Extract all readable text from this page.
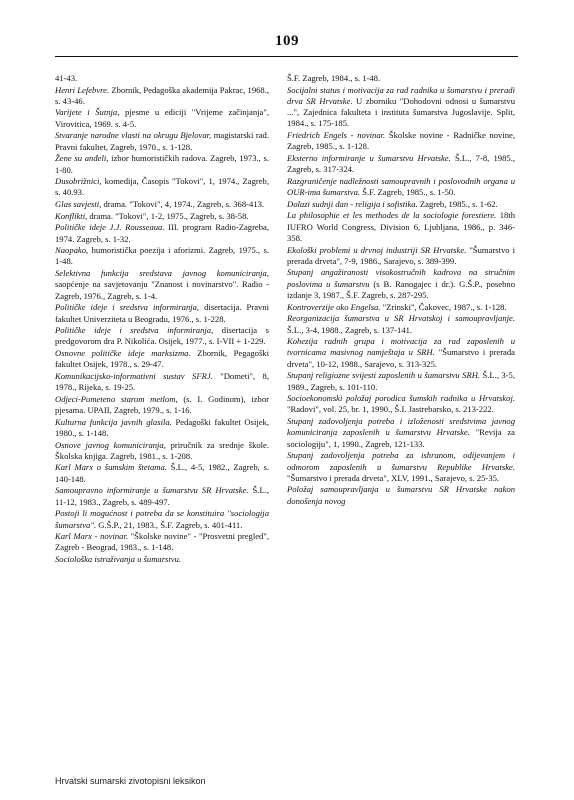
109
41-43.
Henri Lefebvre. Zbornik, Pedagoška akademija Pakrac, 1968., s. 43-46.
Varijete i Šutnja, pjesme u ediciji "Vrijeme začinjanja", Virovitica, 1969. s. 4-5.
Stvaranje narodne vlasti na okrugu Bjelovar, magistarski rad. Pravni fakultet, Zagreb, 1970., s. 1-128.
Žene su anđeli, izbor humorističkih radova. Zagreb, 1973., s. 1-80.
Dusobrižnici, komedija, Časopis "Tokovi", 1, 1974., Zagreb, s. 40.93.
Glas savjesti, drama. "Tokovi", 4, 1974., Zagreb, s. 368-413.
Konflikti, drama. "Tokovi", 1-2, 1975., Zagreb, s. 38-58.
Političke ideje J.J. Rousseaua. III. program Radio-Zagreba, 1974. Zagreb, s. 1-32.
Naopako, humoristička poezija i aforizmi. Zagreb, 1975., s. 1-48.
Selektivna funkcija sredstava javnog komuniciranja, saopćenje na savjetovanju "Znanost i novinarstvo". Radio - Zagreb, 1976., Zagreb, s. 1-4.
Političke ideje i sredstva informiranja, disertacija. Pravni fakultet Univerziteta u Beogradu, 1976., s. 1-228.
Političke ideje i sredstva informiranja, disertacija s predgovorom dra P. Nikolića. Osijek, 1977., s. I-VII + 1-229.
Osnovne političke ideje marksizma. Zbornik, Pegagoški fakultet Osijek, 1978., s. 29-47.
Komunikacijsko-informativni sustav SFRJ. "Dometi", 8, 1978., Rijeka, s. 19-25.
Odjeci-Pometeno starom metlom, (s. I. Godinom), izbor pjesama. UPAII, Zagreb, 1979., s. 1-16.
Kulturna funkcija javnih glasila. Pedagoški fakultet Osijek, 1980., s. 1-148.
Osnove javnog komuniciranja, priručnik za srednje škole. Školska knjiga. Zagreb, 1981., s. 1-208.
Karl Marx o šumskim štetama. Š.L., 4-5, 1982., Zagreb, s. 140-148.
Samoupravno informiranje u šumarstvu SR Hrvatske. Š.L., 11-12, 1983., Zagreb, s. 489-497.
Postoji li mogućnost i potreba da se konstituira "sociologija šumarstva". G.Š.P., 21, 1983., Š.F. Zagreb, s. 401-411.
Karl Marx - novinar. "Školske novine" - "Prosvetni pregled", Zagreb - Beograd, 1983., s. 1-148.
Sociološka istraživanja u šumarstvu.
Š.F. Zagreb, 1984., s. 1-48.
Socijalni status i motivacija za rad radnika u šumarstvu i preradi drva SR Hrvatske. U zborniku "Dohodovni odnosi u šumarstvu ...", Zajednica fakulteta i instituta šumarstva Jugoslavije. Split, 1984., s. 175-185.
Friedrich Engels - novinar. Školske novine - Radničke novine, Zagreb, 1985., s. 1-128.
Eksterno informiranje u šumarstvu Hrvatske. Š.L., 7-8, 1985., Zagreb, s. 317-324.
Razgraničenje nadležnosti samoupravnih i poslovodnih organa u OUR-ima šumarstva. Š.F. Zagreb, 1985., s. 1-50.
Dolazi sudnji dan - religija i sofistika. Zagreb, 1985., s. 1-62.
La philosophie et les methodes de la sociologie forestiere. 18th IUFRO World Congress, Division 6, Ljubljana, 1986., p. 346-358.
Ekološki problemi u drvnoj industriji SR Hrvatske. "Šumarstvo i prerada drveta", 7-9, 1986., Sarajevo, s. 389-399.
Stupanj angažiranosti visokostručnih kadrova na stručnim poslovima u šumarstvu (s B. Ranogajec i dr.). G.Š.P., posebno izdanje 3, 1987., Š.F. Zagreb, s. 287-295.
Kontroverzije oko Engelsa. "Zrinski", Čakovec, 1987., s. 1-128.
Reorganizacija šumarstva u SR Hrvatskoj i samoupravljanje. Š.L., 3-4, 1988., Zagreb, s. 137-141.
Kohezija radnih grupa i motivacija za rad zaposlenih u tvornicama masivnog namještaja u SRH. "Šumarstvo i prerada drveta", 10-12, 1988., Sarajevo, s. 313-325.
Stupanj religiozne svijesti zaposlenih u šumarstvu SRH. Š.L., 3-5, 1989., Zagreb, s. 101-110.
Socioekonomski položaj porodica šumskih radnika u Hrvatskoj. "Radovi", vol. 25, br. 1, 1990., Š.I. Jastrebarsko, s. 213-222.
Stupanj zadovoljenja potreba i izloženosti sredstvima javnog komuniciranja zaposlenih u šumarstvu Hrvatske. "Revija za sociologiju", 1, 1990., Zagreb, 121-133.
Stupanj zadovoljenja potreba za ishranom, odijevanjem i odmorom zaposlenih u šumarstvu Republike Hrvatske. "Šumarstvo i prerada drveta", XLV, 1991., Sarajevo, s. 25-35.
Položaj samoupravljanja u šumarstvu SR Hrvatske nakon donošenja novog
Hrvatski sumarski zivotopisni leksikon
